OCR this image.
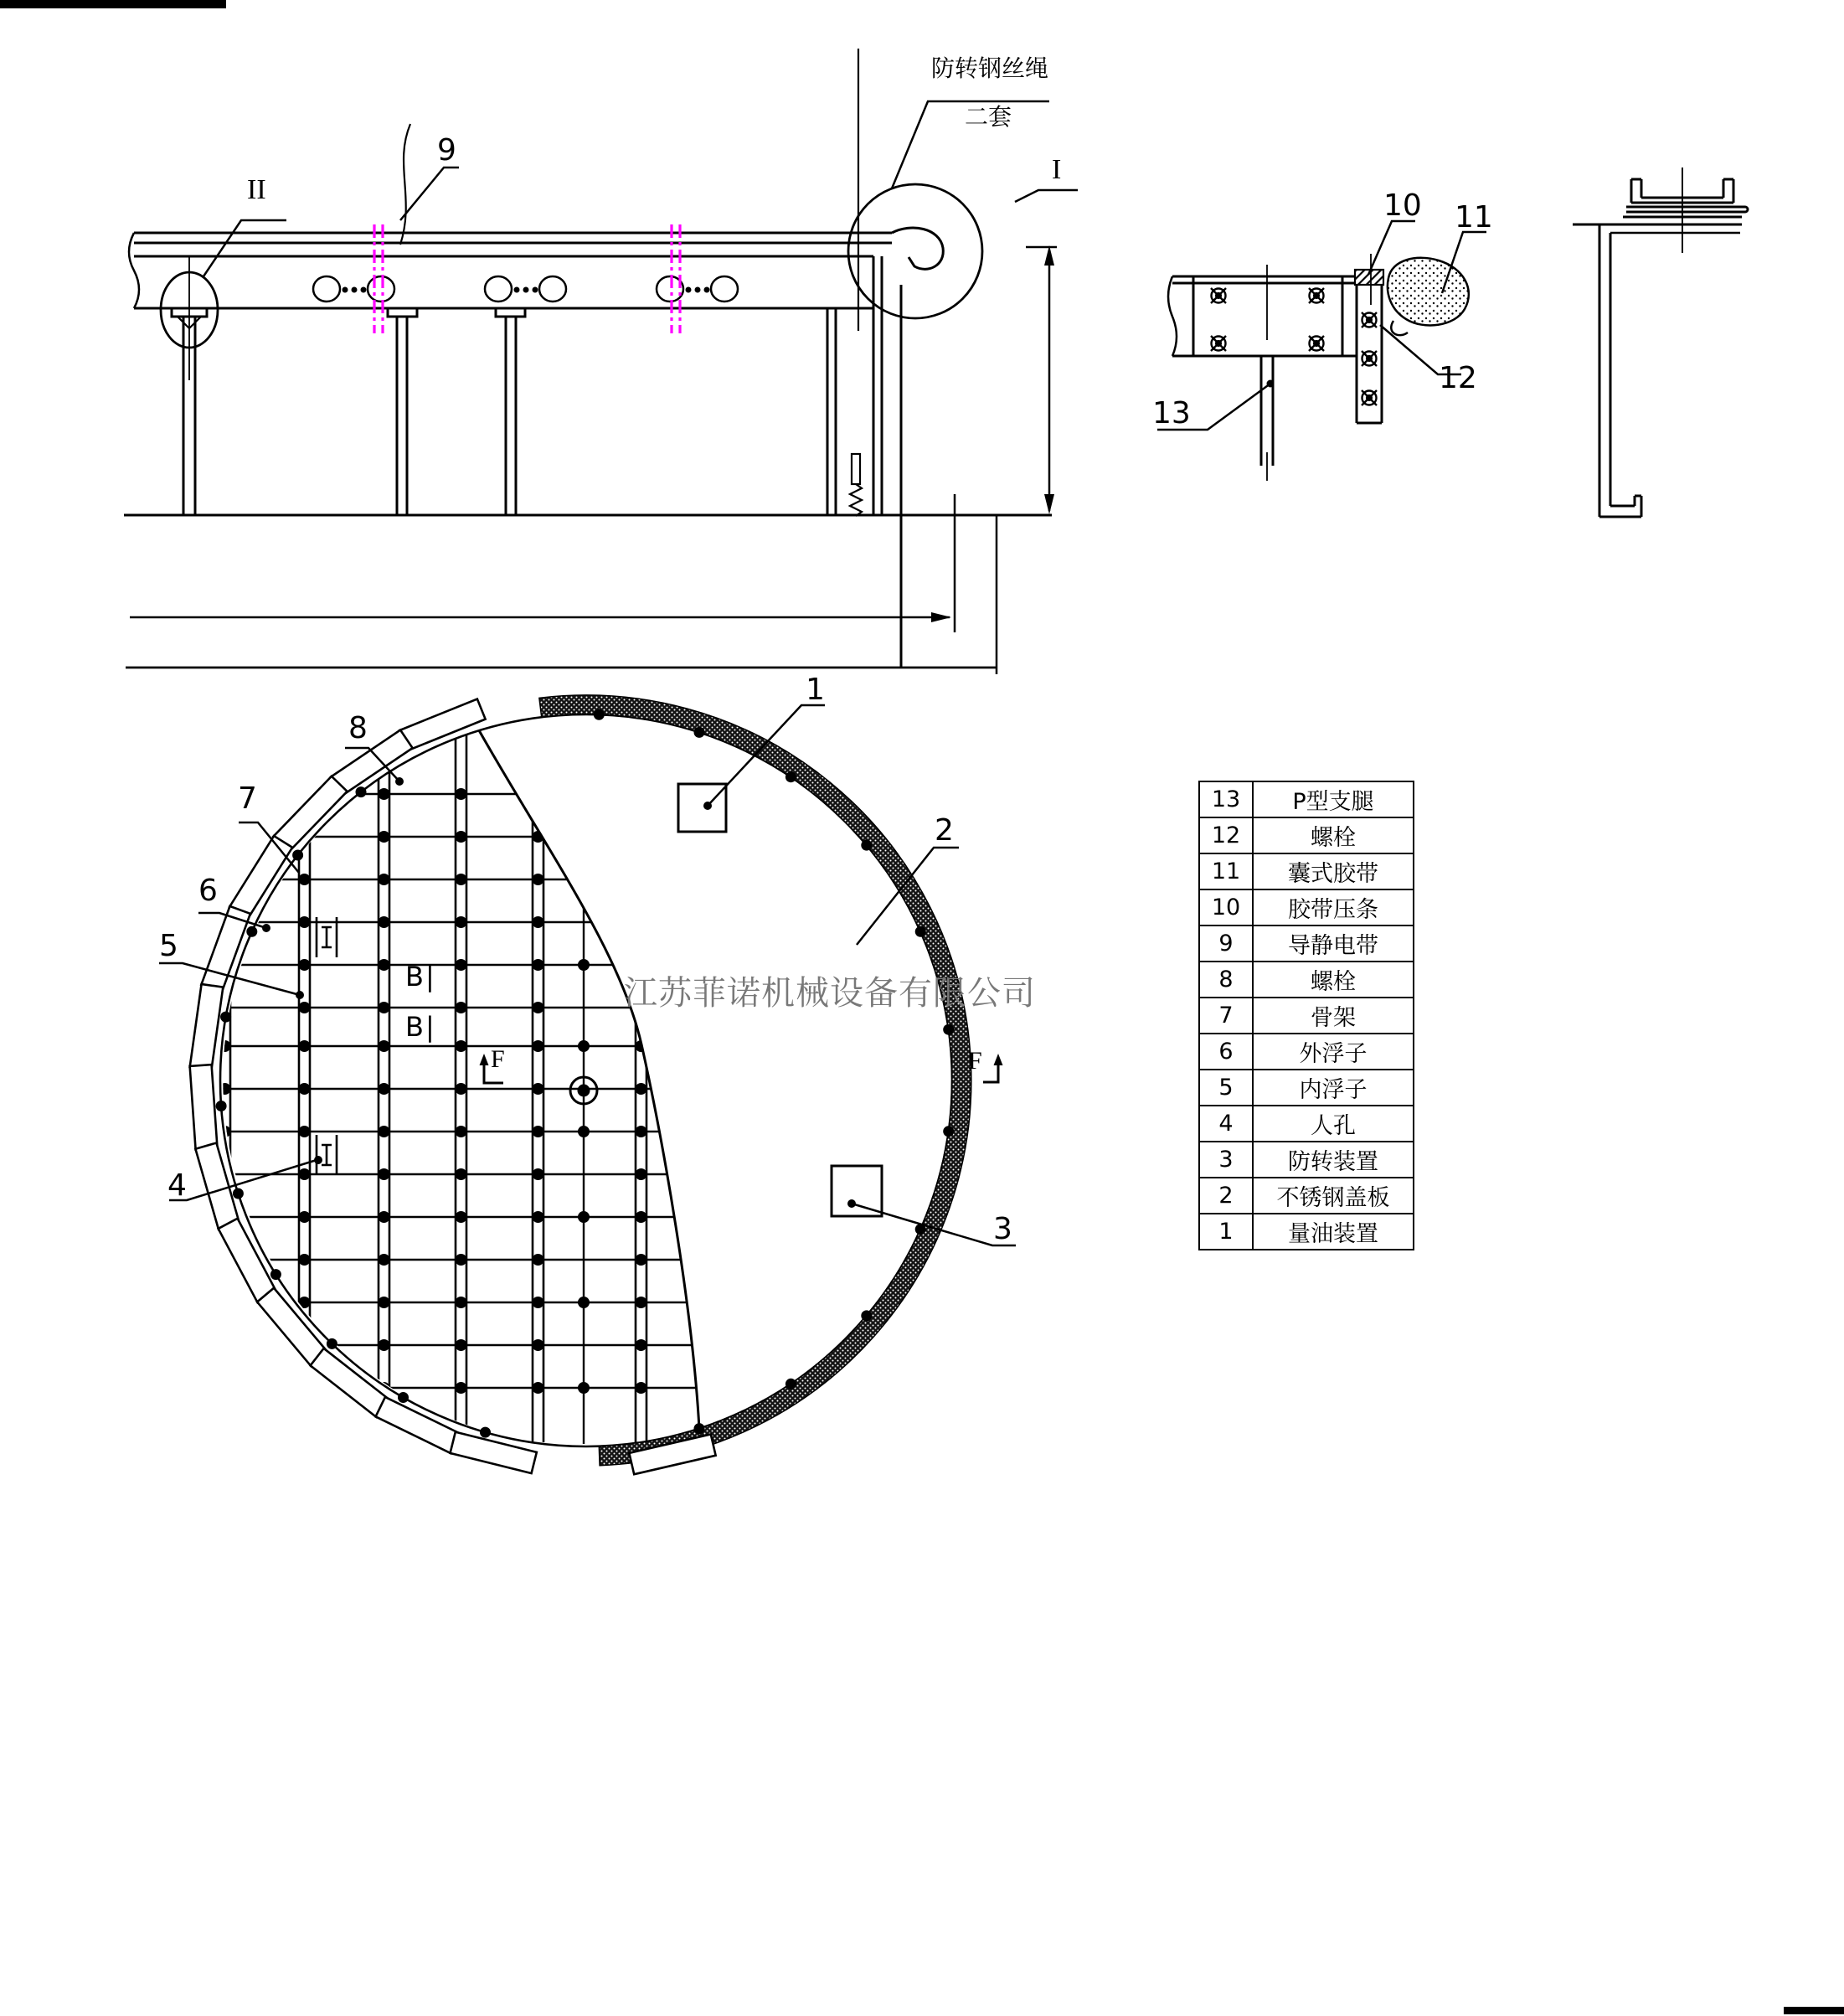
防转钢丝绳
二套
II
I
9
10 11
12
13
1
2
3
4
5
6
7
8
B|
B|
F	F
江苏菲诺机械设备有限公司
13	P型支腿
12	螺栓
11	囊式胶带
10	胶带压条
9	导静电带
8	螺栓
7	骨架
6	外浮子
5	内浮子
4	人孔
3	防转装置
2	不锈钢盖板
1	量油装置
